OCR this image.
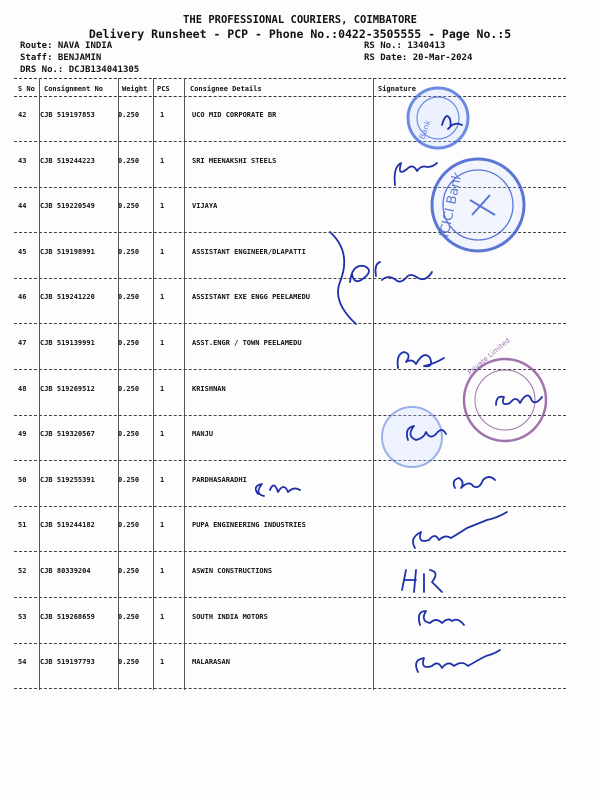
THE PROFESSIONAL COURIERS, COIMBATORE
Delivery Runsheet - PCP - Phone No.:0422-3505555 - Page No.:5
Route: NAVA INDIA
Staff: BENJAMIN
DRS No.: DCJB134041305
RS No.: 1340413
RS Date: 20-Mar-2024
S No Consignment No	Weight PCS	Consignee Details	Signature
42 CJB 519197853	0.250	1	UCO MID CORPORATE BR
43 CJB 519244223	0.250	1	SRI MEENAKSHI STEELS
44 CJB 519220549	0.250	1	VIJAYA
45 CJB 519198991	0.250	1	ASSISTANT ENGINEER/DLAPATTI
46 CJB 519241220	0.250	1	ASSISTANT EXE ENGG PEELAMEDU
47 CJB 519139991	0.250	1	ASST.ENGR / TOWN PEELAMEDU
48 CJB 519269512	0.250	1	KRISHNAN
49 CJB 519320567	0.250	1	MANJU
50 CJB 519255391	0.250	1	PARDHASARADHI
51 CJB 519244182	0.250	1	PUPA ENGINEERING INDUSTRIES
52 CJB 80339204	0.250	1	ASWIN CONSTRUCTIONS
53 CJB 519268659	0.250	1	SOUTH INDIA MOTORS
54 CJB 519197793	0.250	1	MALARASAN
Bank
ICICI Bank
Private Limited
